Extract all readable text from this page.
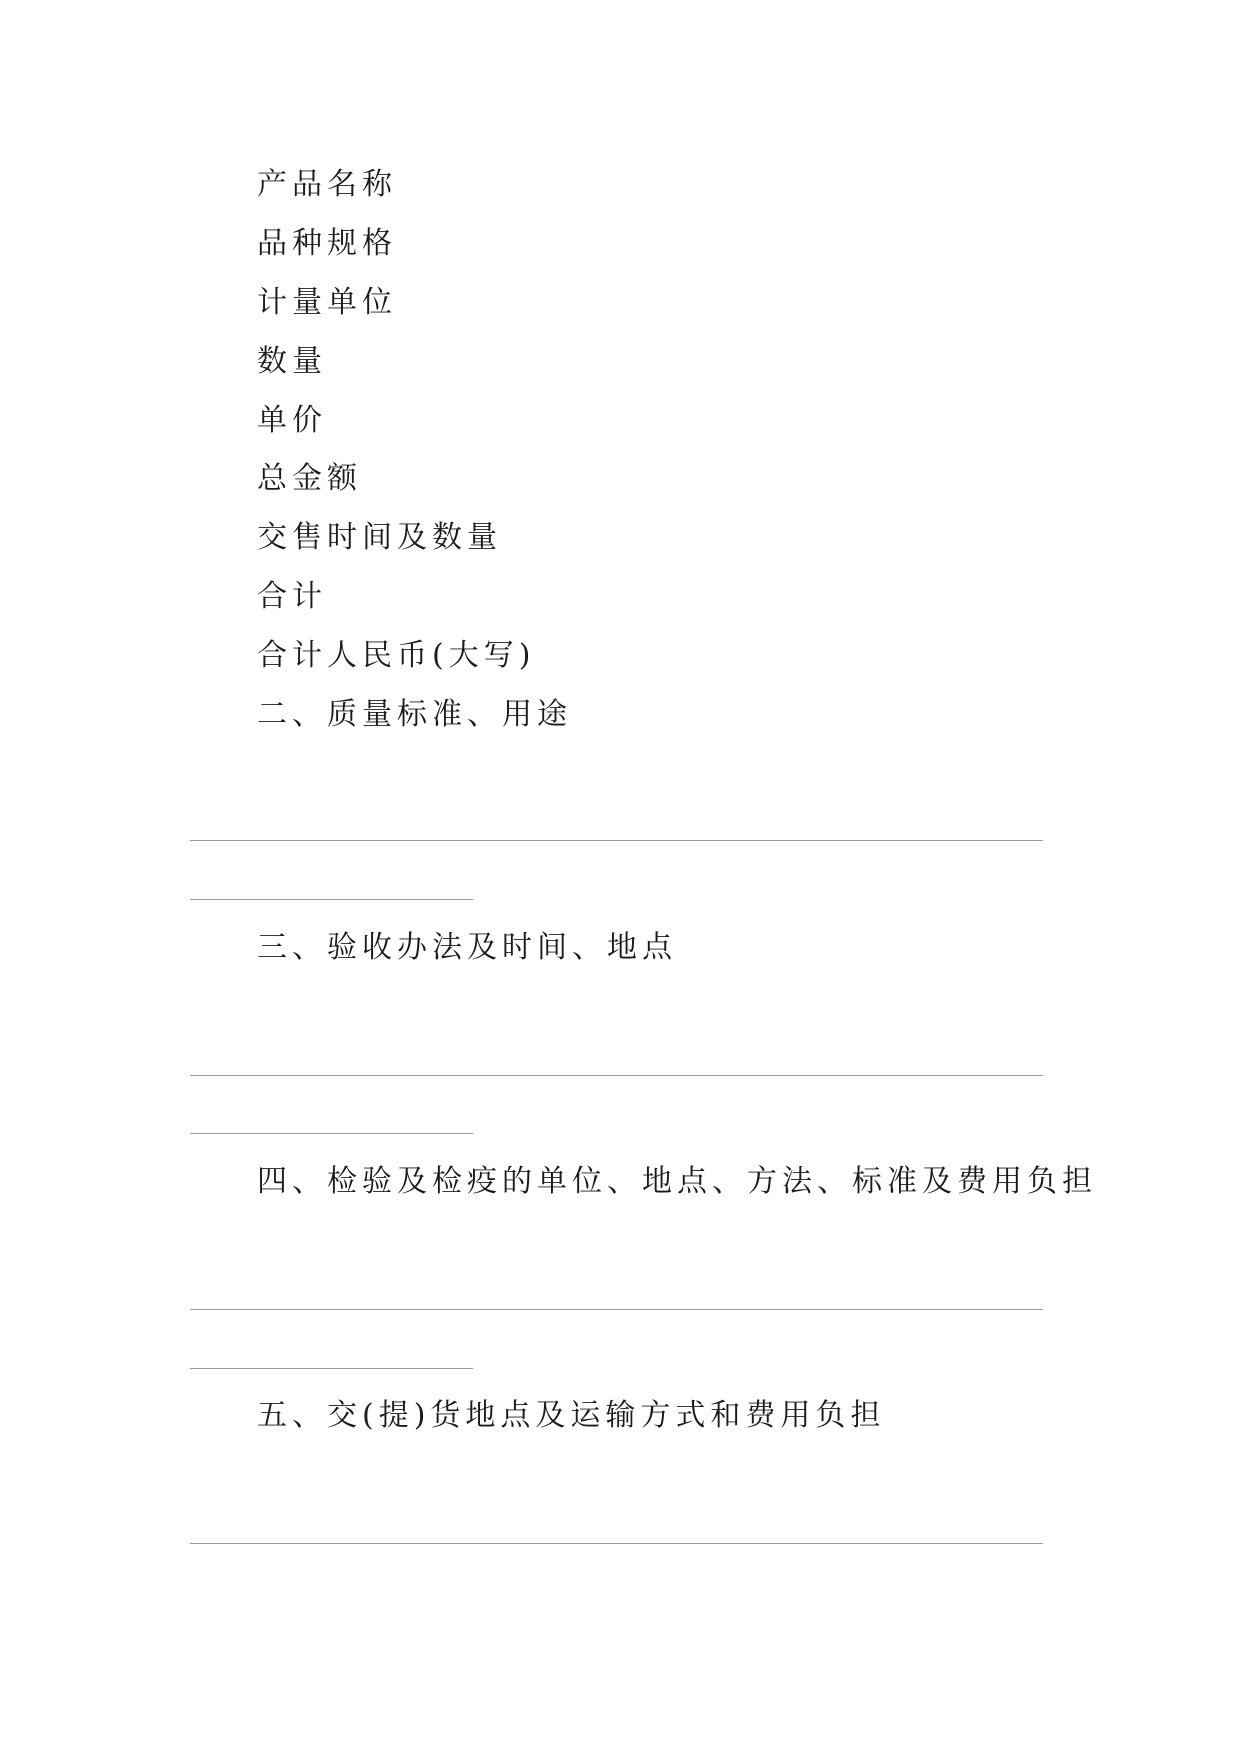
产品名称
品种规格
计量单位
数量
单价
总金额
交售时间及数量
合计
合计人民币(大写)
二、质量标准、用途
三、验收办法及时间、地点
四、检验及检疫的单位、地点、方法、标准及费用负担
五、交(提)货地点及运输方式和费用负担
